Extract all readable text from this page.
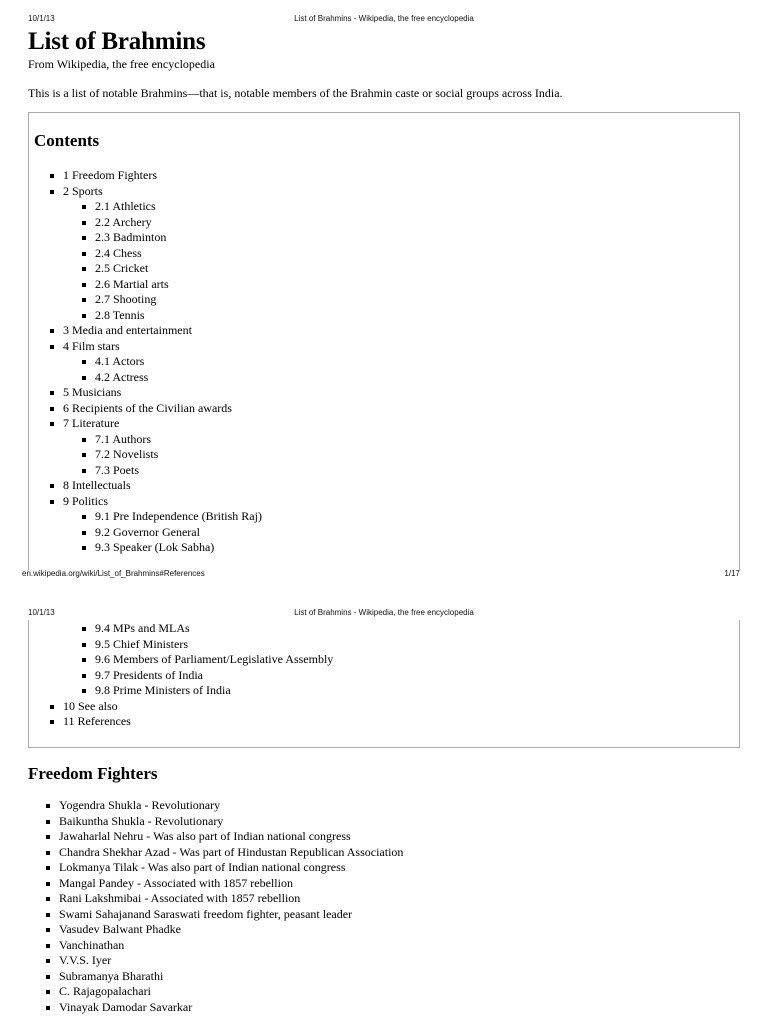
10/1/13	List of Brahmins - Wikipedia, the free encyclopedia
List of Brahmins
From Wikipedia, the free encyclopedia
This is a list of notable Brahmins—that is, notable members of the Brahmin caste or social groups across India.
Contents
1 Freedom Fighters
2 Sports
2.1 Athletics
2.2 Archery
2.3 Badminton
2.4 Chess
2.5 Cricket
2.6 Martial arts
2.7 Shooting
2.8 Tennis
3 Media and entertainment
4 Film stars
4.1 Actors
4.2 Actress
5 Musicians
6 Recipients of the Civilian awards
7 Literature
7.1 Authors
7.2 Novelists
7.3 Poets
8 Intellectuals
9 Politics
9.1 Pre Independence (British Raj)
9.2 Governor General
9.3 Speaker (Lok Sabha)
en.wikipedia.org/wiki/List_of_Brahmins#References	1/17
10/1/13	List of Brahmins - Wikipedia, the free encyclopedia
9.4 MPs and MLAs
9.5 Chief Ministers
9.6 Members of Parliament/Legislative Assembly
9.7 Presidents of India
9.8 Prime Ministers of India
10 See also
11 References
Freedom Fighters
Yogendra Shukla - Revolutionary
Baikuntha Shukla - Revolutionary
Jawaharlal Nehru - Was also part of Indian national congress
Chandra Shekhar Azad - Was part of Hindustan Republican Association
Lokmanya Tilak - Was also part of Indian national congress
Mangal Pandey - Associated with 1857 rebellion
Rani Lakshmibai - Associated with 1857 rebellion
Swami Sahajanand Saraswati freedom fighter, peasant leader
Vasudev Balwant Phadke
Vanchinathan
V.V.S. Iyer
Subramanya Bharathi
C. Rajagopalachari
Vinayak Damodar Savarkar
